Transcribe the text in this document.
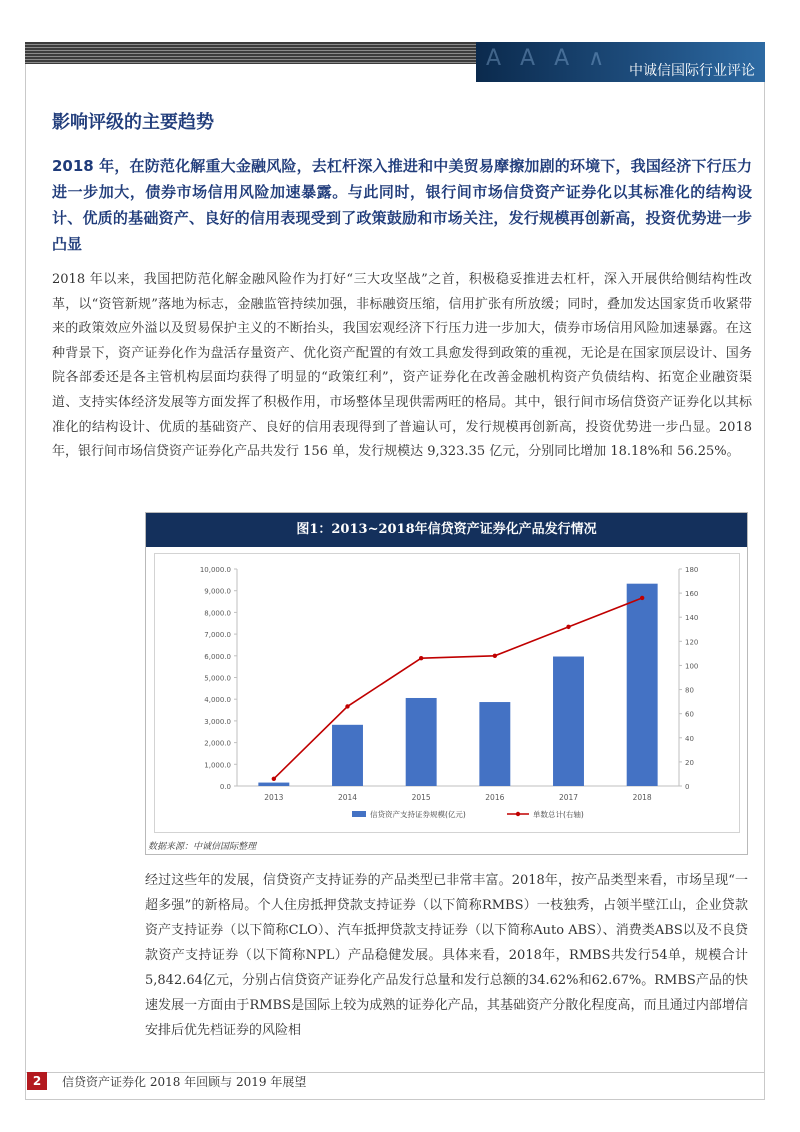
A A A ∧ 中诚信国际行业评论
影响评级的主要趋势
2018 年，在防范化解重大金融风险，去杠杆深入推进和中美贸易摩擦加剧的环境下，我国经济下行压力进一步加大，债券市场信用风险加速暴露。与此同时，银行间市场信贷资产证券化以其标准化的结构设计、优质的基础资产、良好的信用表现受到了政策鼓励和市场关注，发行规模再创新高，投资优势进一步凸显
2018 年以来，我国把防范化解金融风险作为打好“三大攻坚战”之首，积极稳妥推进去杠杆，深入开展供给侧结构性改革，以“资管新规”落地为标志，金融监管持续加强，非标融资压缩，信用扩张有所放缓；同时，叠加发达国家货币收紧带来的政策效应外溢以及贸易保护主义的不断抬头，我国宏观经济下行压力进一步加大，债券市场信用风险加速暴露。在这种背景下，资产证券化作为盘活存量资产、优化资产配置的有效工具愈发得到政策的重视，无论是在国家顶层设计、国务院各部委还是各主管机构层面均获得了明显的“政策红利”，资产证券化在改善金融机构资产负债结构、拓宽企业融资渠道、支持实体经济发展等方面发挥了积极作用，市场整体呈现供需两旺的格局。其中，银行间市场信贷资产证券化以其标准化的结构设计、优质的基础资产、良好的信用表现得到了普遍认可，发行规模再创新高，投资优势进一步凸显。2018 年，银行间市场信贷资产证券化产品共发行 156 单，发行规模达 9,323.35 亿元，分别同比增加 18.18%和 56.25%。
图1：2013~2018年信贷资产证券化产品发行情况
10,000.0
9,000.0
8,000.0
7,000.0
6,000.0
5,000.0
4,000.0
3,000.0
2,000.0
1,000.0
0.0
180
160
140
120
100
80
60
40
20
0
2013	2014	2015	2016	2017	2018
信贷资产支持证券规模(亿元)	单数总计(右轴)
数据来源：中诚信国际整理
经过这些年的发展，信贷资产支持证券的产品类型已非常丰富。2018年，按产品类型来看，市场呈现“一超多强”的新格局。个人住房抵押贷款支持证券（以下简称RMBS）一枝独秀，占领半壁江山，企业贷款资产支持证券（以下简称CLO）、汽车抵押贷款支持证券（以下简称Auto ABS）、消费类ABS以及不良贷款资产支持证券（以下简称NPL）产品稳健发展。具体来看，2018年，RMBS共发行54单，规模合计5,842.64亿元，分别占信贷资产证券化产品发行总量和发行总额的34.62%和62.67%。RMBS产品的快速发展一方面由于RMBS是国际上较为成熟的证券化产品，其基础资产分散化程度高，而且通过内部增信安排后优先档证券的风险相
2	信贷资产证券化 2018 年回顾与 2019 年展望
